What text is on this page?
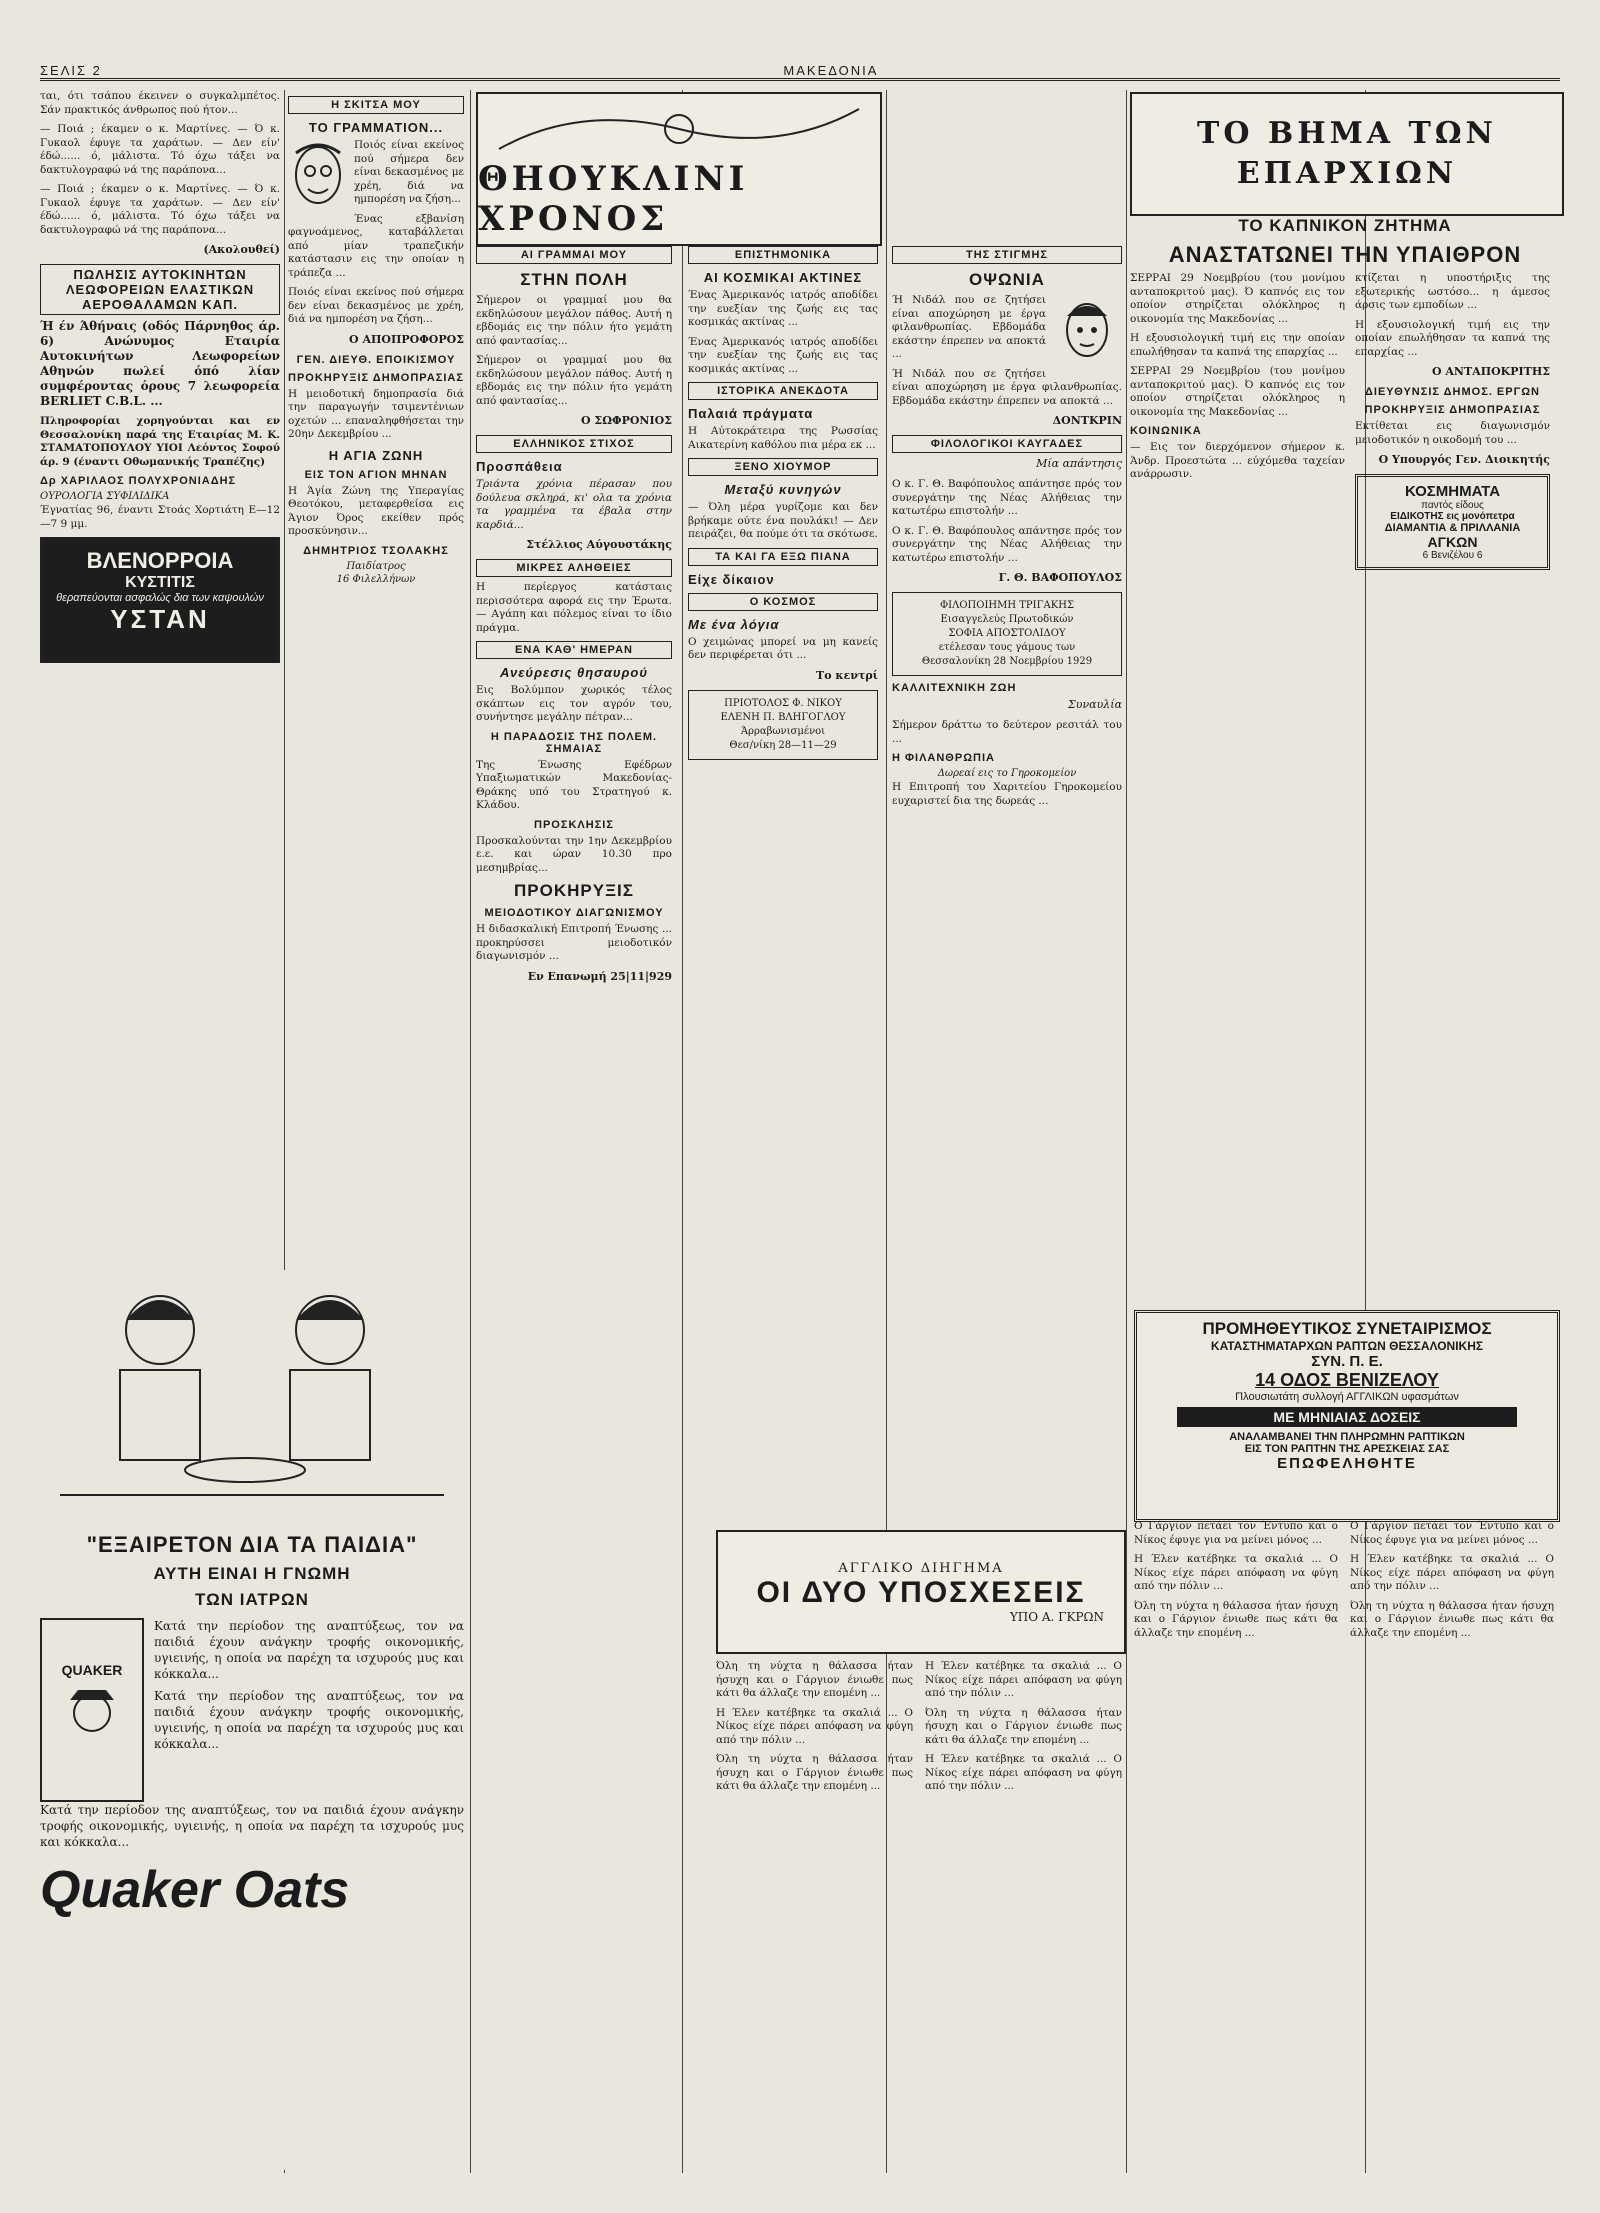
ΣΕΛΙΣ 2	ΜΑΚΕΔΟΝΙΑ

ται, ότι τσάπου έκεινεν ο συγκαλμπέτος. Σάν πρακτικός άνθρωπος πού ήτον...

— Ποιά ; έκαμεν ο κ. Μαρτίνες. — Ό κ. Γυκαολ έφυγε τα χαράτων. — Δεν είν' έδώ...... ό, μάλιστα. Τό όχω τάξει να δακτυλογραφώ νά της παράπονα...

— Ποιά ; έκαμεν ο κ. Μαρτίνες. — Ό κ. Γυκαολ έφυγε τα χαράτων. — Δεν είν' έδώ...... ό, μάλιστα. Τό όχω τάξει να δακτυλογραφώ νά της παράπονα...

(Ακολουθεί)
ΠΩΛΗΣΙΣ ΑΥΤΟΚΙΝΗΤΩΝ ΛΕΩΦΟΡΕΙΩΝ ΕΛΑΣΤΙΚΩΝ ΑΕΡΟΘΑΛΑΜΩΝ ΚΑΠ.

Ή έν Άθήναις (οδός Πάρνηθος άρ. 6) Ανώνυμος Εταιρία Αυτοκινήτων Λεωφορείων Αθηνών πωλεί όπό λίαν συμφέροντας όρους 7 λεωφορεία BERLIET C.B.L. ...

Πληροφορίαι χορηγούνται και εν Θεσσαλονίκη παρά της Εταιρίας Μ. Κ. ΣΤΑΜΑΤΟΠΟΥΛΟΥ ΥΙΟΙ Λεόντος Σοφού άρ. 9 (έναντι Οθωμανικής Τραπέζης)

Δρ ΧΑΡΙΛΑΟΣ ΠΟΛΥΧΡΟΝΙΑΔΗΣ
ΟΥΡΟΛΟΓΙΑ ΣΥΦΙΛΙΔΙΚΑ

Έγνατίας 96, έναντι Στοάς Χορτιάτη Ε—12—7 9 μμ.

ΒΛΕΝΟΡΡΟΙΑ
ΚΥΣΤΙΤΙΣ
θεραπεύονται ασφαλώς δια των καψουλών
ΥΣΤΑΝ
Η ΣΚΙΤΣΑ ΜΟΥ
ΤΟ ΓΡΑΜΜΑΤΙΟΝ...

Ποιός είναι εκείνος πού σήμερα δεν είναι δεκασμένος με χρέη, διά να ημπορέση να ζήση...

Ένας εξβανίση φαγνοάμενος, καταβάλλεται από μίαν τραπεζικήν κατάστασιν εις την οποίαν η τράπεζα ...

Ποιός είναι εκείνος πού σήμερα δεν είναι δεκασμένος με χρέη, διά να ημπορέση να ζήση...

Ο ΑΠΟΠΡΟΦΟΡΟΣ
ΓΕΝ. ΔΙΕΥΘ. ΕΠΟΙΚΙΣΜΟΥ
ΠΡΟΚΗΡΥΞΙΣ ΔΗΜΟΠΡΑΣΙΑΣ

Η μειοδοτική δημοπρασία διά την παραγωγήν τσιμεντένιων οχετών ... επαναληφθήσεται την 20ην Δεκεμβρίου ...

Η ΑΓΙΑ ΖΩΝΗ
ΕΙΣ ΤΟΝ ΑΓΙΟΝ ΜΗΝΑΝ

Η Άγία Ζώνη της Υπεραγίας Θεοτόκου, μεταφερθείσα εις Άγιον Όρος εκείθεν πρός προσκύνησιν...

ΔΗΜΗΤΡΙΟΣ ΤΣΟΛΑΚΗΣ
Παιδίατρος
16 Φιλελλήνων
ΑΙ ΓΡΑΜΜΑΙ ΜΟΥ
ΣΤΗΝ ΠΟΛΗ

Σήμερον οι γραμμαί μου θα εκδηλώσουν μεγάλον πάθος. Αυτή η εβδομάς εις την πόλιν ήτο γεμάτη από φαντασίας...

Σήμερον οι γραμμαί μου θα εκδηλώσουν μεγάλον πάθος. Αυτή η εβδομάς εις την πόλιν ήτο γεμάτη από φαντασίας...

Ο ΣΩΦΡΟΝΙΟΣ
ΕΛΛΗΝΙΚΟΣ ΣΤΙΧΟΣ
Προσπάθεια

Τριάντα χρόνια πέρασαν που δούλευα σκληρά, κι' ολα τα χρόνια τα γραμμένα τα έβαλα στην καρδιά...

Στέλλιος Αύγουστάκης
ΜΙΚΡΕΣ ΑΛΗΘΕΙΕΣ

Η περίεργος κατάσταις περισσότερα αφορά εις την Έρωτα. — Αγάπη και πόλεμος είναι το ίδιο πράγμα.

ΕΝΑ ΚΑΘ' ΗΜΕΡΑΝ
Ανεύρεσις θησαυρού

Εις Βολύμπον χωρικός τέλος σκάπτων εις τον αγρόν του, συνήντησε μεγάλην πέτραν...

Η ΠΑΡΑΔΟΣΙΣ ΤΗΣ ΠΟΛΕΜ. ΣΗΜΑΙΑΣ

Της Ένωσης Εφέδρων Υπαξιωματικών Μακεδονίας-Θράκης υπό του Στρατηγού κ. Κλάδου.

ΠΡΟΣΚΛΗΣΙΣ

Προσκαλούνται την 1ην Δεκεμβρίου ε.ε. και ώραν 10.30 προ μεσημβρίας...

ΠΡΟΚΗΡΥΞΙΣ
ΜΕΙΟΔΟΤΙΚΟΥ ΔΙΑΓΩΝΙΣΜΟΥ

Η διδασκαλική Επιτροπή Ένωσης ... προκηρύσσει μειοδοτικόν διαγωνισμόν ...

Εν Επανωμή 25|11|929
ΘΗΟΥΚΛΙΝΙ ΧΡΟΝΟΣ
ΕΠΙΣΤΗΜΟΝΙΚΑ
ΑΙ ΚΟΣΜΙΚΑΙ ΑΚΤΙΝΕΣ

Ένας Άμερικανός ιατρός αποδίδει την ευεξίαν της ζωής εις τας κοσμικάς ακτίνας ...

Ένας Άμερικανός ιατρός αποδίδει την ευεξίαν της ζωής εις τας κοσμικάς ακτίνας ...

ΙΣΤΟΡΙΚΑ ΑΝΕΚΔΟΤΑ
Παλαιά πράγματα

Η Αύτοκράτειρα της Ρωσσίας Αικατερίνη καθόλου πια μέρα εκ ...

ΞΕΝΟ ΧΙΟΥΜΟΡ
Μεταξύ κυνηγών

— Όλη μέρα γυρίζομε και δεν βρήκαμε ούτε ένα πουλάκι! — Δεν πειράζει, θα πούμε ότι τα σκότωσε.

ΤΑ ΚΑΙ ΓΑ ΕΞΩ ΠΙΑΝΑ
Είχε δίκαιον
Ο ΚΟΣΜΟΣ
Με ένα λόγια

Ο χειμώνας μπορεί να μη κανείς δεν περιφέρεται ότι ...

Το κεντρί
ΠΡΙΟΤΟΛΟΣ Φ. ΝΙΚΟΥ
ΕΛΕΝΗ Π. ΒΛΗΓΟΓΛΟΥ
Άρραβωνισμένοι
Θεσ/νίκη 28—11—29
ΤΗΣ ΣΤΙΓΜΗΣ
ΟΨΩΝΙΑ

Ή Νιδάλ που σε ζητήσει είναι αποχώρηση με έργα φιλανθρωπίας. Εβδομάδα εκάστην έπρεπεν να αποκτά ...

Ή Νιδάλ που σε ζητήσει είναι αποχώρηση με έργα φιλανθρωπίας. Εβδομάδα εκάστην έπρεπεν να αποκτά ...

ΔΟΝΤΚΡΙΝ
ΦΙΛΟΛΟΓΙΚΟΙ ΚΑΥΓΑΔΕΣ
Μία απάντησις

Ο κ. Γ. Θ. Βαφόπουλος απάντησε πρός τον συνεργάτην της Νέας Αλήθειας την κατωτέρω επιστολήν ...

Ο κ. Γ. Θ. Βαφόπουλος απάντησε πρός τον συνεργάτην της Νέας Αλήθειας την κατωτέρω επιστολήν ...

Γ. Θ. ΒΑΦΟΠΟΥΛΟΣ
ΦΙΛΟΠΟΙΗΜΗ ΤΡΙΓΑΚΗΣ
Εισαγγελεύς Πρωτοδικών
ΣΟΦΙΑ ΑΠΟΣΤΟΛΙΔΟΥ
ετέλεσαν τους γάμους των
Θεσσαλονίκη 28 Νοεμβρίου 1929
ΚΑΛΛΙΤΕΧΝΙΚΗ ΖΩΗ
Συναυλία

Σήμερον δράττω το δεύτερον ρεσιτάλ του ...

Η ΦΙΛΑΝΘΡΩΠΙΑ
Δωρεαί εις το Γηροκομείον

Η Επιτροπή του Χαριτείου Γηροκομείου ευχαριστεί δια της δωρεάς ...

ΤΟ ΒΗΜΑ ΤΩΝ ΕΠΑΡΧΙΩΝ
ΤΟ ΚΑΠΝΙΚΟΝ ΖΗΤΗΜΑ
ΑΝΑΣΤΑΤΩΝΕΙ ΤΗΝ ΥΠΑΙΘΡΟΝ

ΣΕΡΡΑΙ 29 Νοεμβρίου (του μονίμου ανταποκριτού μας). Ό καπνός εις τον οποίον στηρίζεται ολόκληρος η οικονομία της Μακεδονίας ...

Η εξουσιολογική τιμή εις την οποίαν επωλήθησαν τα καπνά της επαρχίας ...

ΣΕΡΡΑΙ 29 Νοεμβρίου (του μονίμου ανταποκριτού μας). Ό καπνός εις τον οποίον στηρίζεται ολόκληρος η οικονομία της Μακεδονίας ...

ΚΟΙΝΩΝΙΚΑ

— Εις τον διερχόμενον σήμερον κ. Άνδρ. Προεστώτα ... εύχόμεθα ταχείαν ανάρρωσιν.

κτίζεται η υποστήριξις της εξωτερικής ωστόσο... η άμεσος άρσις των εμποδίων ...

Η εξουσιολογική τιμή εις την οποίαν επωλήθησαν τα καπνά της επαρχίας ...

Ο ΑΝΤΑΠΟΚΡΙΤΗΣ
ΔΙΕΥΘΥΝΣΙΣ ΔΗΜΟΣ. ΕΡΓΩΝ
ΠΡΟΚΗΡΥΞΙΣ ΔΗΜΟΠΡΑΣΙΑΣ

Εκτίθεται εις διαγωνισμόν μειοδοτικόν η οικοδομή του ...

Ο Υπουργός Γεν. Διοικητής
ΚΟΣΜΗΜΑΤΑ
παντός είδους
ΕΙΔΙΚΟΤΗΣ εις μονόπετρα
ΔΙΑΜΑΝΤΙΑ & ΠΡΙΛΛΑΝΙΑ
ΑΓΚΩΝ
6 Βενιζέλου 6
ΠΡΟΜΗΘΕΥΤΙΚΟΣ ΣΥΝΕΤΑΙΡΙΣΜΟΣ
ΚΑΤΑΣΤΗΜΑΤΑΡΧΩΝ ΡΑΠΤΩΝ ΘΕΣΣΑΛΟΝΙΚΗΣ
ΣΥΝ. Π. Ε.
14 ΟΔΟΣ ΒΕΝΙΖΕΛΟΥ
Πλουσιωτάτη συλλογή ΑΓΓΛΙΚΩΝ υφασμάτων
ΜΕ ΜΗΝΙΑΙΑΣ ΔΟΣΕΙΣ
ΑΝΑΛΑΜΒΑΝΕΙ ΤΗΝ ΠΛΗΡΩΜΗΝ ΡΑΠΤΙΚΩΝ
ΕΙΣ ΤΟΝ ΡΑΠΤΗΝ ΤΗΣ ΑΡΕΣΚΕΙΑΣ ΣΑΣ
ΕΠΩΦΕΛΗΘΗΤΕ

Ο Γάργιον πετάει τον Έντυπο και ο Νίκος έφυγε για να μείνει μόνος ...

Η Έλεν κατέβηκε τα σκαλιά ... Ο Νίκος είχε πάρει απόφαση να φύγη από την πόλιν ...

Όλη τη νύχτα η θάλασσα ήταν ήσυχη και ο Γάργιον ένιωθε πως κάτι θα άλλαζε την επομένη ...

Ο Γάργιον πετάει τον Έντυπο και ο Νίκος έφυγε για να μείνει μόνος ...

Η Έλεν κατέβηκε τα σκαλιά ... Ο Νίκος είχε πάρει απόφαση να φύγη από την πόλιν ...

Όλη τη νύχτα η θάλασσα ήταν ήσυχη και ο Γάργιον ένιωθε πως κάτι θα άλλαζε την επομένη ...

ΑΓΓΛΙΚΟ ΔΙΗΓΗΜΑ
ΟΙ ΔΥΟ ΥΠΟΣΧΕΣΕΙΣ
ΥΠΟ Α. ΓΚΡΩΝ

Όλη τη νύχτα η θάλασσα ήταν ήσυχη και ο Γάργιον ένιωθε πως κάτι θα άλλαζε την επομένη ...

Η Έλεν κατέβηκε τα σκαλιά ... Ο Νίκος είχε πάρει απόφαση να φύγη από την πόλιν ...

Όλη τη νύχτα η θάλασσα ήταν ήσυχη και ο Γάργιον ένιωθε πως κάτι θα άλλαζε την επομένη ...

Η Έλεν κατέβηκε τα σκαλιά ... Ο Νίκος είχε πάρει απόφαση να φύγη από την πόλιν ...

Όλη τη νύχτα η θάλασσα ήταν ήσυχη και ο Γάργιον ένιωθε πως κάτι θα άλλαζε την επομένη ...

Η Έλεν κατέβηκε τα σκαλιά ... Ο Νίκος είχε πάρει απόφαση να φύγη από την πόλιν ...

"ΕΞΑΙΡΕΤΟΝ ΔΙΑ ΤΑ ΠΑΙΔΙΑ"
ΑΥΤΗ ΕΙΝΑΙ Η ΓΝΩΜΗ
ΤΩΝ ΙΑΤΡΩΝ
QUAKER

Κατά την περίοδον της αναπτύξεως, τον να παιδιά έχουν ανάγκην τροφής οικονομικής, υγιεινής, η οποία να παρέχη τα ισχυρούς μυς και κόκκαλα...

Κατά την περίοδον της αναπτύξεως, τον να παιδιά έχουν ανάγκην τροφής οικονομικής, υγιεινής, η οποία να παρέχη τα ισχυρούς μυς και κόκκαλα...

Κατά την περίοδον της αναπτύξεως, τον να παιδιά έχουν ανάγκην τροφής οικονομικής, υγιεινής, η οποία να παρέχη τα ισχυρούς μυς και κόκκαλα...

Quaker Oats
